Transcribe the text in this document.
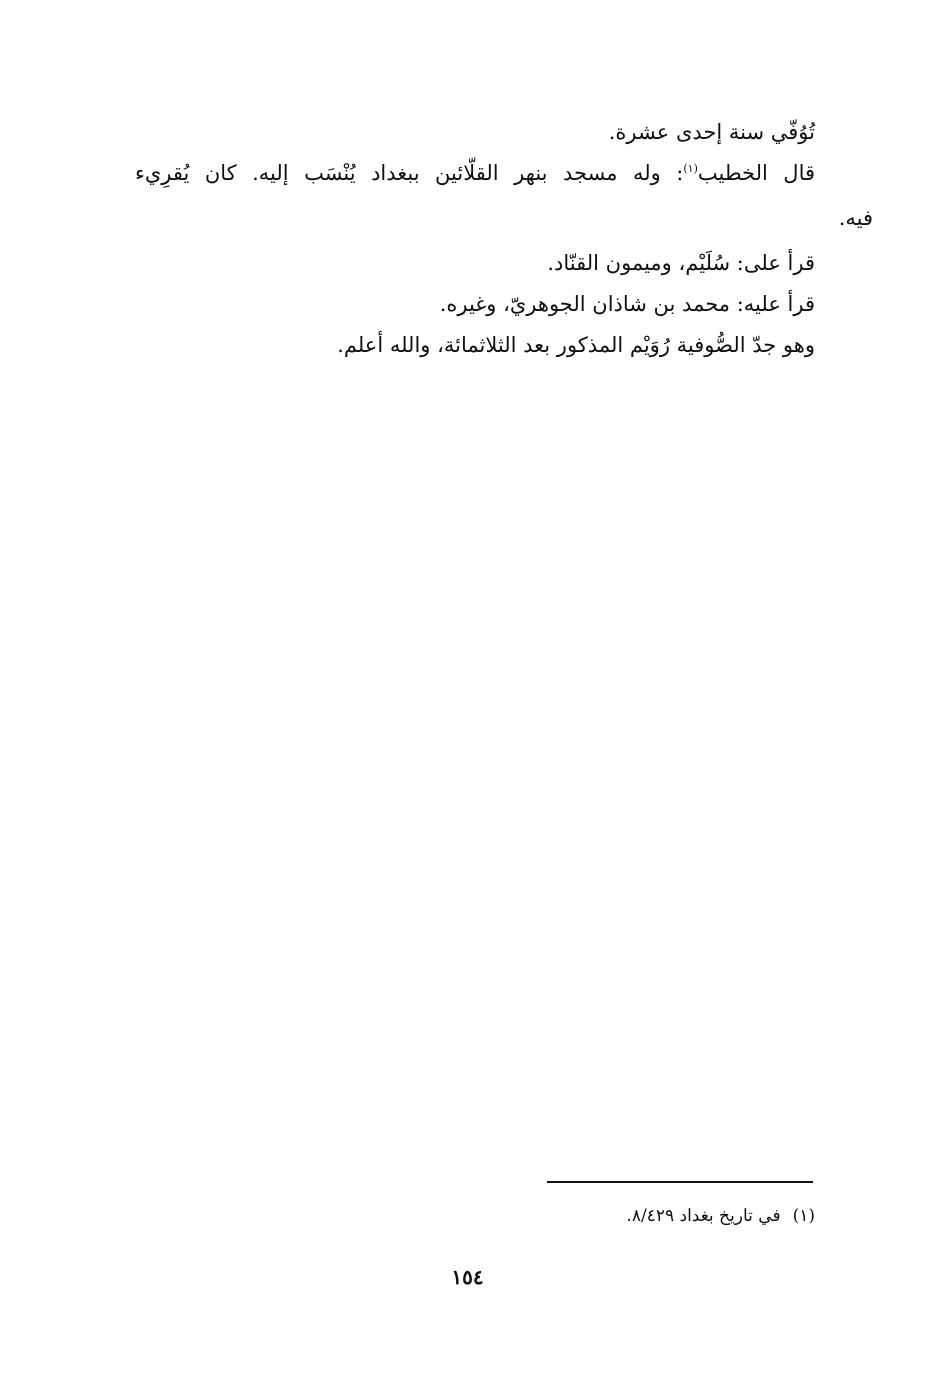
تُوُفّي سنة إحدى عشرة.
قال الخطيب$^{(١)}$: وله مسجد بنهر القلّائين ببغداد يُنْسَب إليه. كان يُقرِيء
فيه.
قرأ على: سُلَيْم، وميمون القنّاد.
قرأ عليه: محمد بن شاذان الجوهريّ، وغيره.
وهو جدّ الصُّوفية رُوَيْم المذكور بعد الثلاثمائة، والله أعلم.
(١)في تاريخ بغداد ٨/٤٢٩.
١٥٤
